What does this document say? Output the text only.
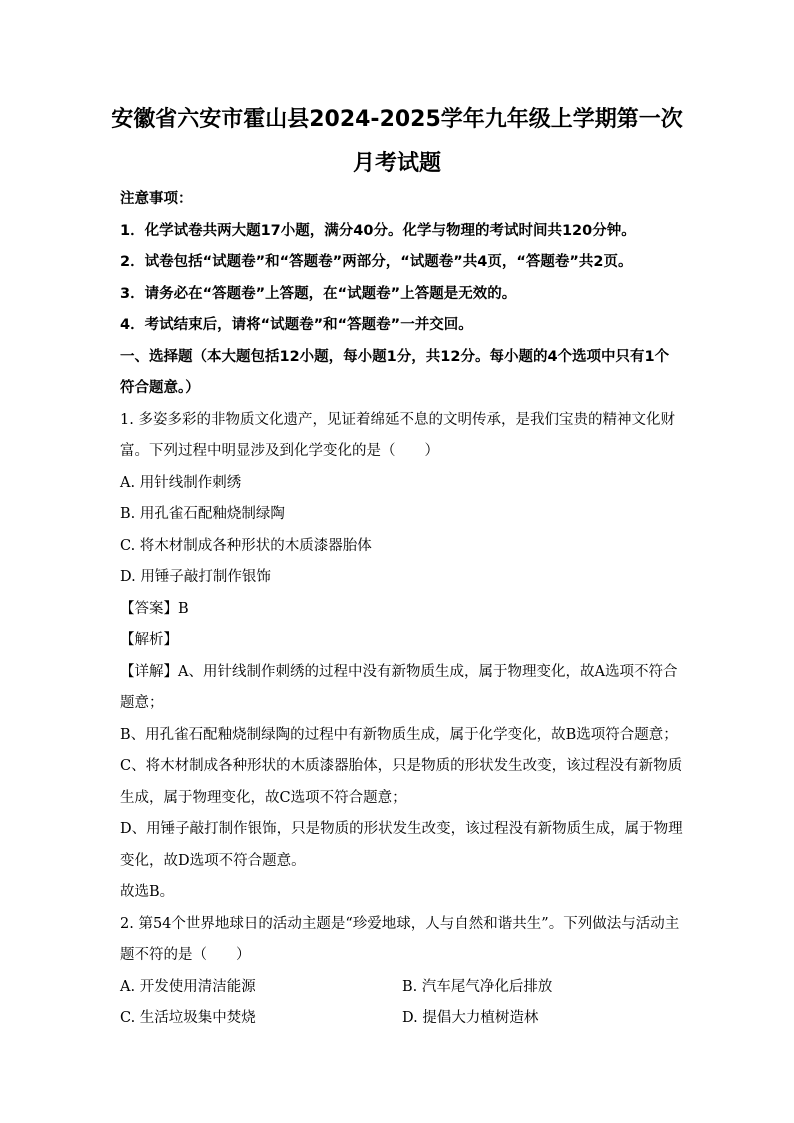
安徽省六安市霍山县2024-2025学年九年级上学期第一次
月考试题
注意事项：
1．化学试卷共两大题17小题，满分40分。化学与物理的考试时间共120分钟。
2．试卷包括“试题卷”和“答题卷”两部分，“试题卷”共4页，“答题卷”共2页。
3．请务必在“答题卷”上答题，在“试题卷”上答题是无效的。
4．考试结束后，请将“试题卷”和“答题卷”一并交回。
一、选择题（本大题包括12小题，每小题1分，共12分。每小题的4个选项中只有1个
符合题意。）
1. 多姿多彩的非物质文化遗产，见证着绵延不息的文明传承，是我们宝贵的精神文化财
富。下列过程中明显涉及到化学变化的是（　　）
A. 用针线制作刺绣
B. 用孔雀石配釉烧制绿陶
C. 将木材制成各种形状的木质漆器胎体
D. 用锤子敲打制作银饰
【答案】B
【解析】
【详解】A、用针线制作刺绣的过程中没有新物质生成，属于物理变化，故A选项不符合
题意；
B、用孔雀石配釉烧制绿陶的过程中有新物质生成，属于化学变化，故B选项符合题意；
C、将木材制成各种形状的木质漆器胎体，只是物质的形状发生改变，该过程没有新物质
生成，属于物理变化，故C选项不符合题意；
D、用锤子敲打制作银饰，只是物质的形状发生改变，该过程没有新物质生成，属于物理
变化，故D选项不符合题意。
故选B。
2. 第54个世界地球日的活动主题是“珍爱地球，人与自然和谐共生”。下列做法与活动主
题不符的是（　　）
A. 开发使用清洁能源	B. 汽车尾气净化后排放
C. 生活垃圾集中焚烧	D. 提倡大力植树造林
